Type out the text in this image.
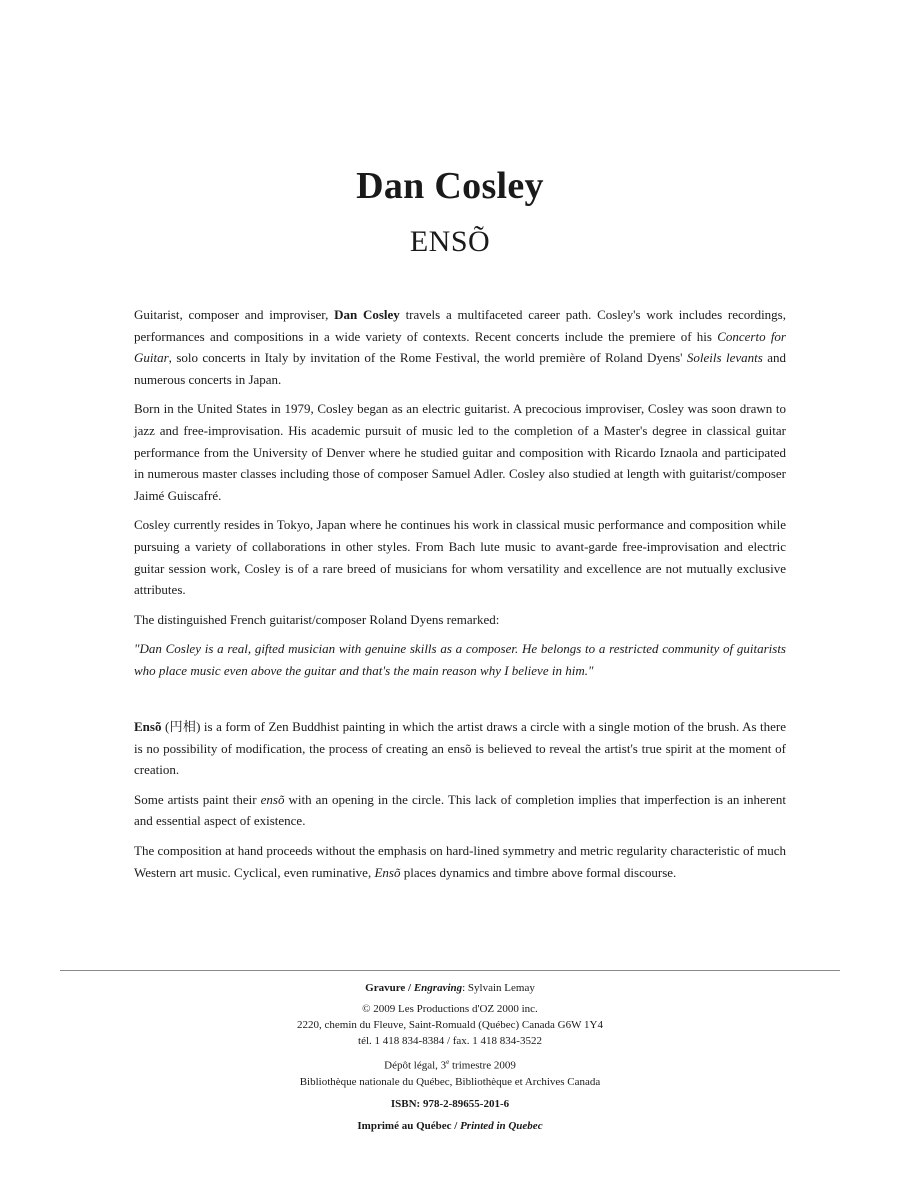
Dan Cosley
ENSÕ

Guitarist, composer and improviser, Dan Cosley travels a multifaceted career path. Cosley's work includes recordings, performances and compositions in a wide variety of contexts. Recent concerts include the premiere of his Concerto for Guitar, solo concerts in Italy by invitation of the Rome Festival, the world première of Roland Dyens' Soleils levants and numerous concerts in Japan.

Born in the United States in 1979, Cosley began as an electric guitarist. A precocious improviser, Cosley was soon drawn to jazz and free-improvisation. His academic pursuit of music led to the completion of a Master's degree in classical guitar performance from the University of Denver where he studied guitar and composition with Ricardo Iznaola and participated in numerous master classes including those of composer Samuel Adler. Cosley also studied at length with guitarist/composer Jaimé Guiscafré.

Cosley currently resides in Tokyo, Japan where he continues his work in classical music performance and composition while pursuing a variety of collaborations in other styles. From Bach lute music to avant-garde free-improvisation and electric guitar session work, Cosley is of a rare breed of musicians for whom versatility and excellence are not mutually exclusive attributes.

The distinguished French guitarist/composer Roland Dyens remarked:

"Dan Cosley is a real, gifted musician with genuine skills as a composer. He belongs to a restricted community of guitarists who place music even above the guitar and that's the main reason why I believe in him."

Ensõ (円相) is a form of Zen Buddhist painting in which the artist draws a circle with a single motion of the brush. As there is no possibility of modification, the process of creating an ensõ is believed to reveal the artist's true spirit at the moment of creation.

Some artists paint their ensõ with an opening in the circle. This lack of completion implies that imperfection is an inherent and essential aspect of existence.

The composition at hand proceeds without the emphasis on hard-lined symmetry and metric regularity characteristic of much Western art music. Cyclical, even ruminative, Ensõ places dynamics and timbre above formal discourse.

Gravure / Engraving: Sylvain Lemay
© 2009 Les Productions d'OZ 2000 inc.
2220, chemin du Fleuve, Saint-Romuald (Québec) Canada G6W 1Y4
tél. 1 418 834-8384 / fax. 1 418 834-3522
Dépôt légal, 3e trimestre 2009
Bibliothèque nationale du Québec, Bibliothèque et Archives Canada
ISBN: 978-2-89655-201-6
Imprimé au Québec / Printed in Quebec
